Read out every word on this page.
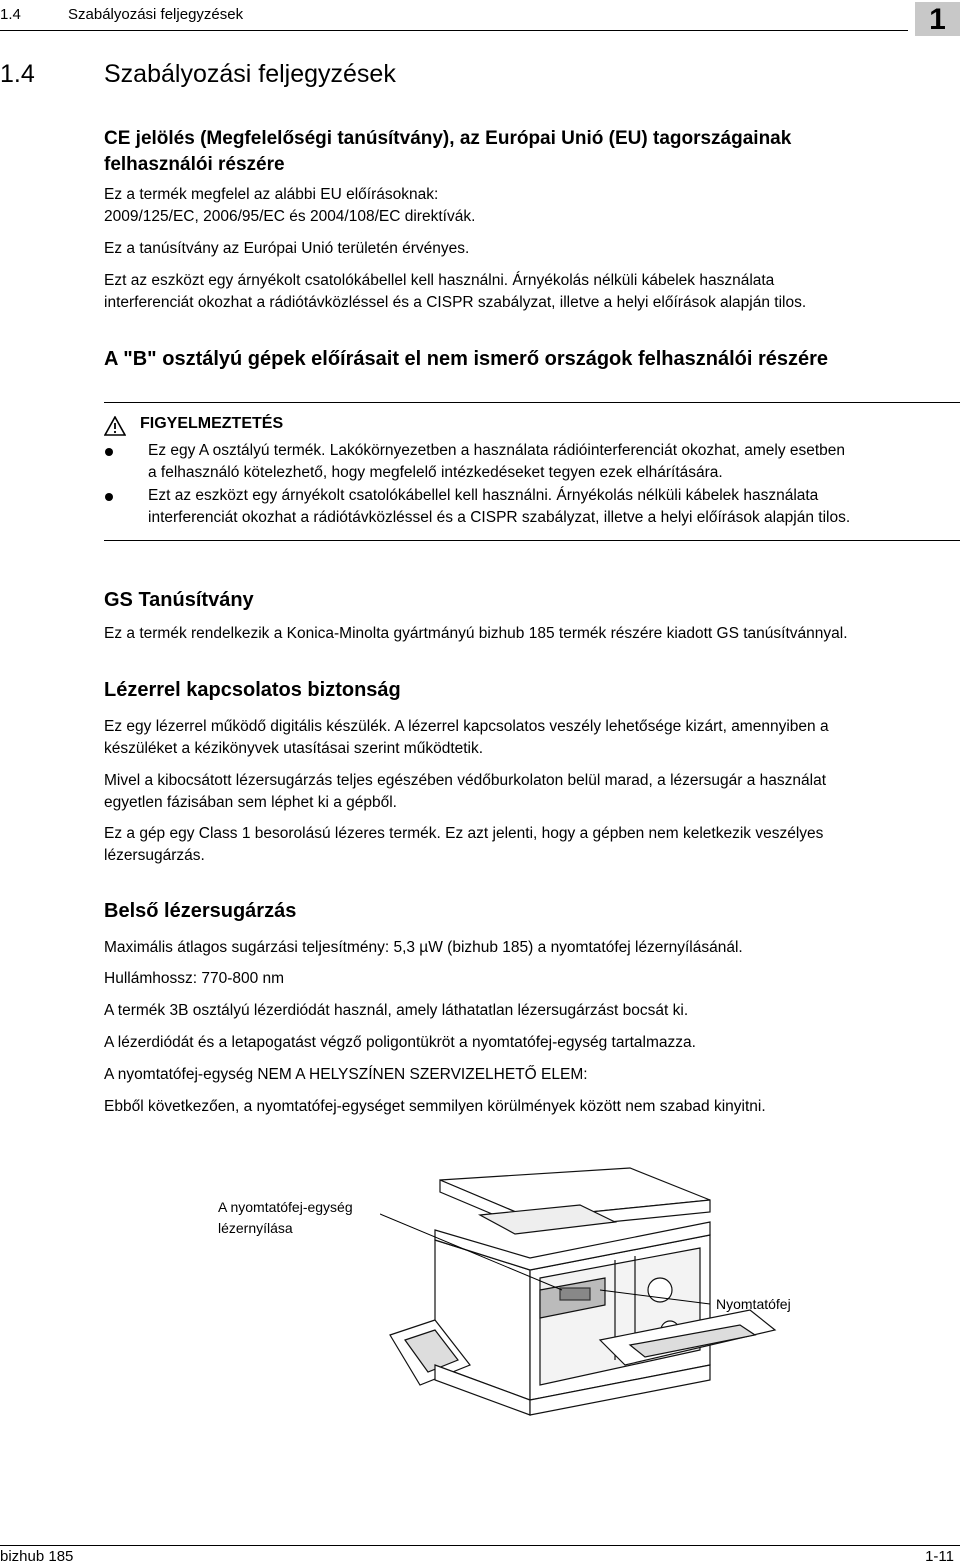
1.4	Szabályozási feljegyzések	1
1.4	Szabályozási feljegyzések
CE jelölés (Megfelelőségi tanúsítvány), az Európai Unió (EU) tagországainak
felhasználói részére
Ez a termék megfelel az alábbi EU előírásoknak:
2009/125/EC, 2006/95/EC és 2004/108/EC direktívák.
Ez a tanúsítvány az Európai Unió területén érvényes.
Ezt az eszközt egy árnyékolt csatolókábellel kell használni. Árnyékolás nélküli kábelek használata
interferenciát okozhat a rádiótávközléssel és a CISPR szabályzat, illetve a helyi előírások alapján tilos.
A "B" osztályú gépek előírásait el nem ismerő országok felhasználói részére
FIGYELMEZTETÉS
Ez egy A osztályú termék. Lakókörnyezetben a használata rádióinterferenciát okozhat, amely esetben
a felhasználó kötelezhető, hogy megfelelő intézkedéseket tegyen ezek elhárítására.
Ezt az eszközt egy árnyékolt csatolókábellel kell használni. Árnyékolás nélküli kábelek használata
interferenciát okozhat a rádiótávközléssel és a CISPR szabályzat, illetve a helyi előírások alapján tilos.
GS Tanúsítvány
Ez a termék rendelkezik a Konica-Minolta gyártmányú bizhub 185 termék részére kiadott GS tanúsítvánnyal.
Lézerrel kapcsolatos biztonság
Ez egy lézerrel működő digitális készülék. A lézerrel kapcsolatos veszély lehetősége kizárt, amennyiben a
készüléket a kézikönyvek utasításai szerint működtetik.
Mivel a kibocsátott lézersugárzás teljes egészében védőburkolaton belül marad, a lézersugár a használat
egyetlen fázisában sem léphet ki a gépből.
Ez a gép egy Class 1 besorolású lézeres termék. Ez azt jelenti, hogy a gépben nem keletkezik veszélyes
lézersugárzás.
Belső lézersugárzás
Maximális átlagos sugárzási teljesítmény: 5,3 µW (bizhub 185) a nyomtatófej lézernyílásánál.
Hullámhossz: 770-800 nm
A termék 3B osztályú lézerdiódát használ, amely láthatatlan lézersugárzást bocsát ki.
A lézerdiódát és a letapogatást végző poligontükröt a nyomtatófej-egység tartalmazza.
A nyomtatófej-egység NEM A HELYSZÍNEN SZERVIZELHETŐ ELEM:
Ebből következően, a nyomtatófej-egységet semmilyen körülmények között nem szabad kinyitni.
A nyomtatófej-egység
lézernyílása
Nyomtatófej
bizhub 185	1-11
